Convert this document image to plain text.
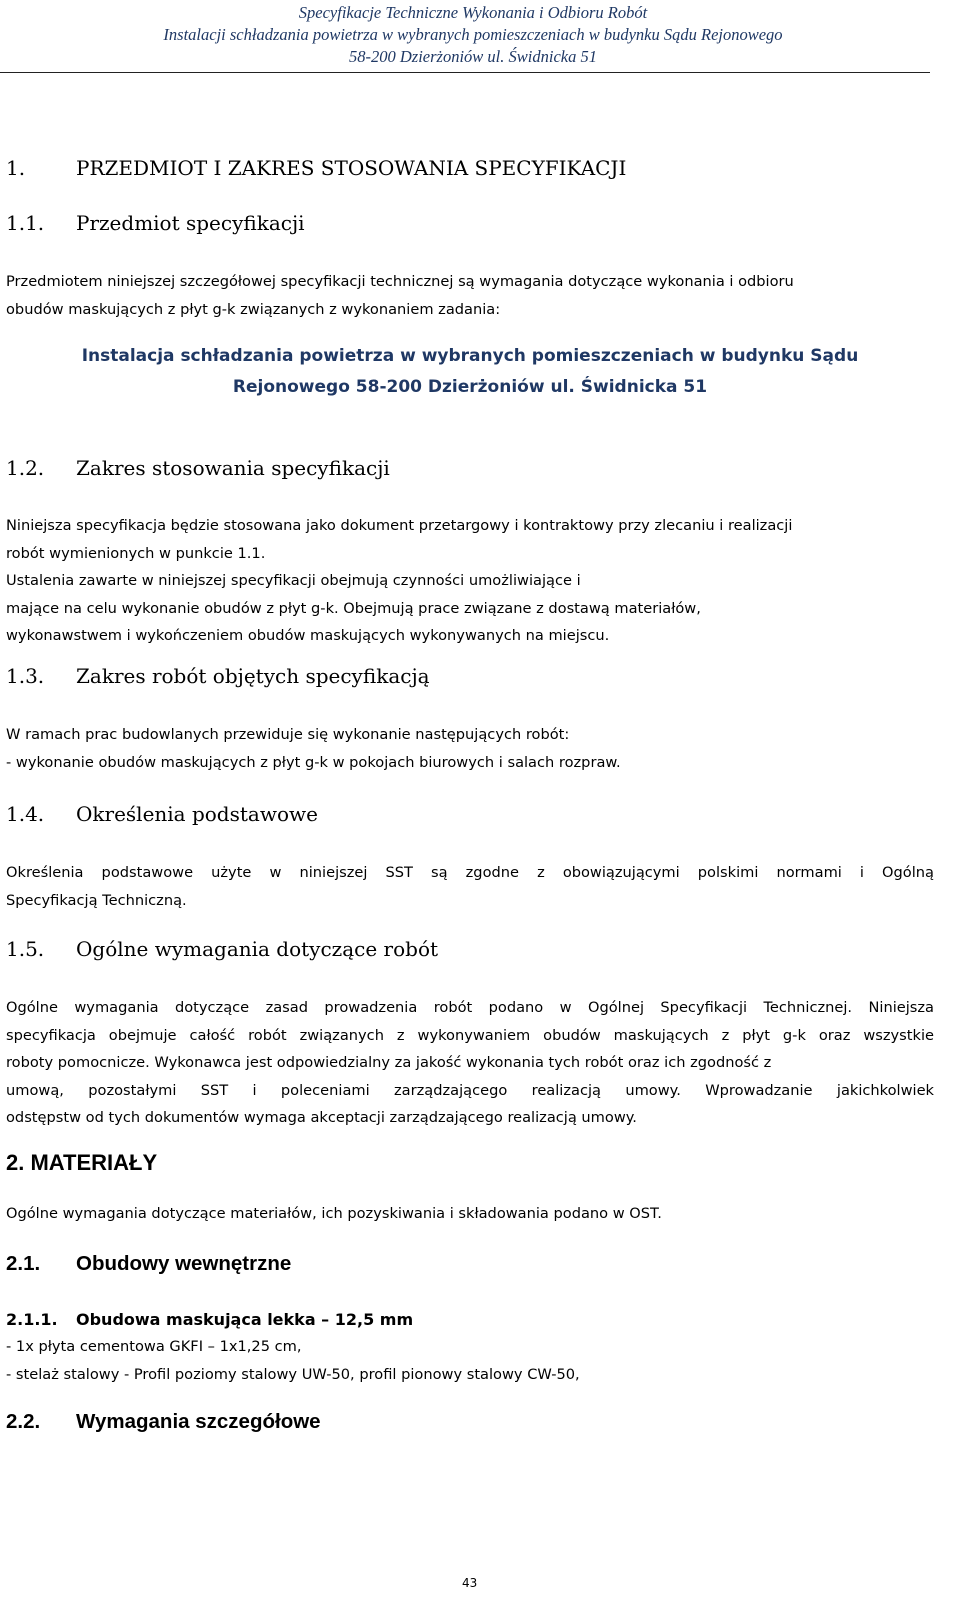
Specyfikacje Techniczne Wykonania i Odbioru Robót
Instalacji schładzania powietrza w wybranych pomieszczeniach w budynku Sądu Rejonowego
58-200 Dzierżoniów ul. Świdnicka 51
1.	PRZEDMIOT I ZAKRES STOSOWANIA SPECYFIKACJI
1.1. Przedmiot specyfikacji
Przedmiotem niniejszej szczegółowej specyfikacji technicznej są wymagania dotyczące wykonania i odbioru
obudów maskujących z płyt g-k związanych z wykonaniem zadania:
Instalacja schładzania powietrza w wybranych pomieszczeniach w budynku Sądu
Rejonowego 58-200 Dzierżoniów ul. Świdnicka 51
1.2. Zakres stosowania specyfikacji
Niniejsza specyfikacja będzie stosowana jako dokument przetargowy i kontraktowy przy zlecaniu i realizacji
robót wymienionych w punkcie 1.1.
Ustalenia zawarte w niniejszej specyfikacji obejmują czynności umożliwiające i
mające na celu wykonanie obudów z płyt g-k. Obejmują prace związane z dostawą materiałów,
wykonawstwem i wykończeniem obudów maskujących wykonywanych na miejscu.
1.3. Zakres robót objętych specyfikacją
W ramach prac budowlanych przewiduje się wykonanie następujących robót:
- wykonanie obudów maskujących z płyt g-k w pokojach biurowych i salach rozpraw.
1.4. Określenia podstawowe
Określenia podstawowe użyte w niniejszej SST są zgodne z obowiązującymi polskimi normami i Ogólną
Specyfikacją Techniczną.
1.5. Ogólne wymagania dotyczące robót
Ogólne wymagania dotyczące zasad prowadzenia robót podano w Ogólnej Specyfikacji Technicznej. Niniejsza
specyfikacja obejmuje całość robót związanych z wykonywaniem obudów maskujących z płyt g-k oraz wszystkie
roboty pomocnicze. Wykonawca jest odpowiedzialny za jakość wykonania tych robót oraz ich zgodność z
umową, pozostałymi SST i poleceniami zarządzającego realizacją umowy. Wprowadzanie jakichkolwiek
odstępstw od tych dokumentów wymaga akceptacji zarządzającego realizacją umowy.
2. MATERIAŁY
Ogólne wymagania dotyczące materiałów, ich pozyskiwania i składowania podano w OST.
2.1. Obudowy wewnętrzne
2.1.1. Obudowa maskująca lekka – 12,5 mm
- 1x płyta cementowa GKFI – 1x1,25 cm,
- stelaż stalowy - Profil poziomy stalowy UW-50, profil pionowy stalowy CW-50,
2.2. Wymagania szczegółowe
43
